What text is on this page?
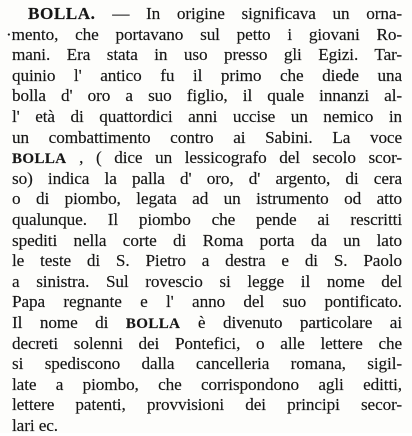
BOLLA. — In origine significava un orna-
·mento, che portavano sul petto i giovani Ro-
mani. Era stata in uso presso gli Egizi. Tar-
quinio l' antico fu il primo che diede una
bolla d' oro a suo figlio, il quale innanzi al-
l' età di quattordici anni uccise un nemico in
un combattimento contro ai Sabini. La voce
BOLLA , ( dice un lessicografo del secolo scor-
so) indica la palla d' oro, d' argento, di cera
o di piombo, legata ad un istrumento od atto
qualunque. Il piombo che pende ai rescritti
spediti nella corte di Roma porta da un lato
le teste di S. Pietro a destra e di S. Paolo
a sinistra. Sul rovescio si legge il nome del
Papa regnante e l' anno del suo pontificato.
Il nome di BOLLA è divenuto particolare ai
decreti solenni dei Pontefici, o alle lettere che
si spediscono dalla cancelleria romana, sigil-
late a piombo, che corrispondono agli editti,
lettere patenti, provvisioni dei principi secor-
lari ec.
